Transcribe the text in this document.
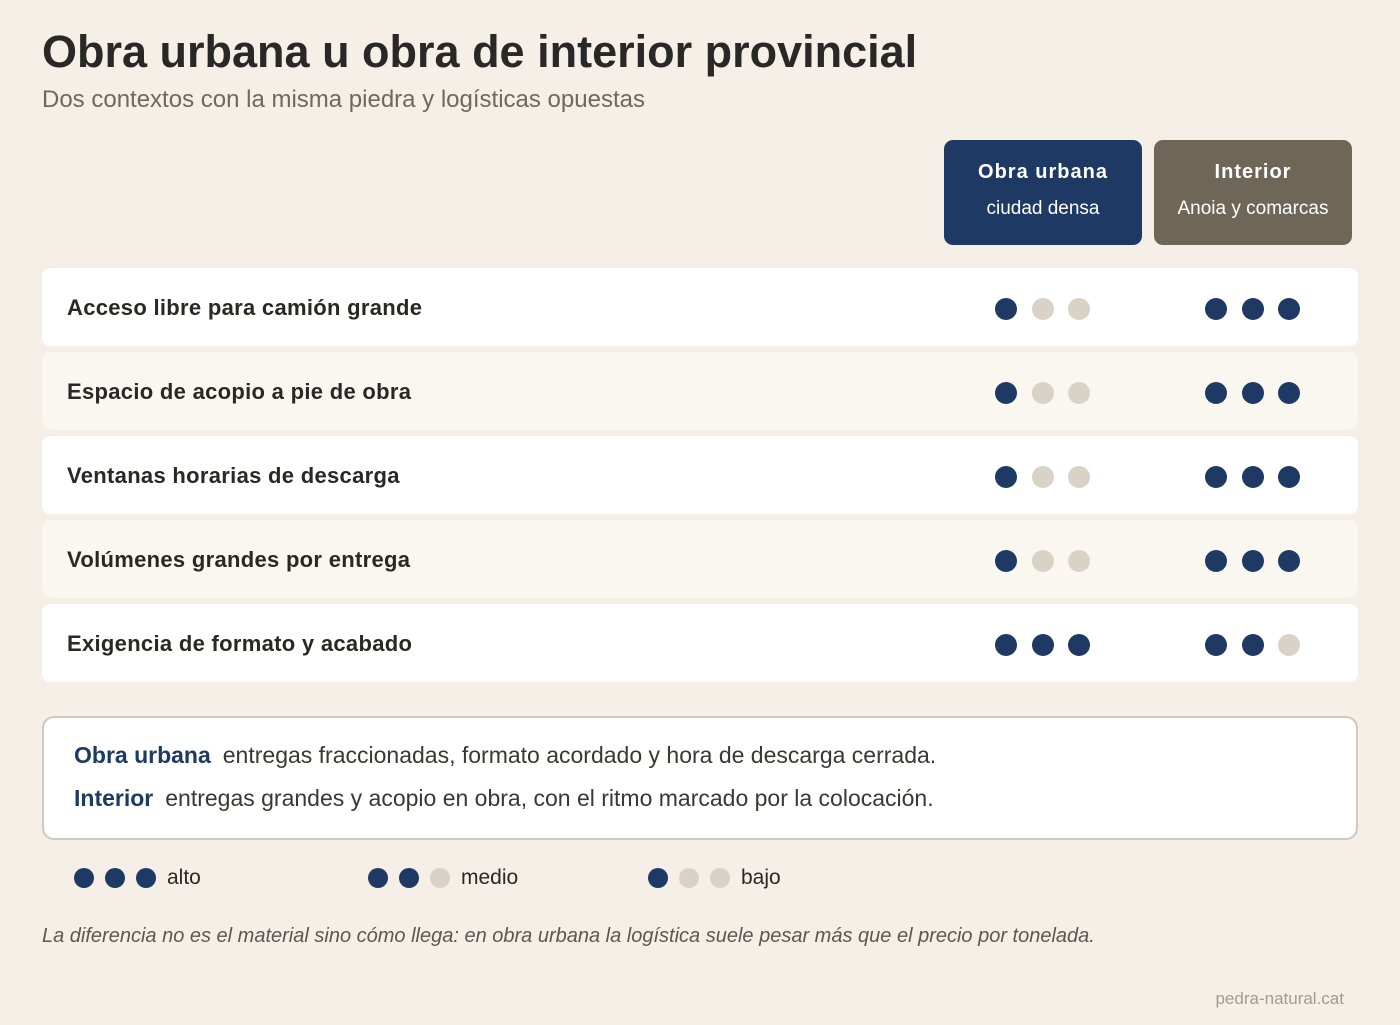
Obra urbana u obra de interior provincial

Dos contextos con la misma piedra y logísticas opuestas

Obra urbana
ciudad densa
Interior
Anoia y comarcas
Acceso libre para camión grande
Espacio de acopio a pie de obra
Ventanas horarias de descarga
Volúmenes grandes por entrega
Exigencia de formato y acabado
Obra urbana entregas fraccionadas, formato acordado y hora de descarga cerrada.
Interior entregas grandes y acopio en obra, con el ritmo marcado por la colocación.
alto	medio	bajo
La diferencia no es el material sino cómo llega: en obra urbana la logística suele pesar más que el precio por tonelada.
pedra-natural.cat
